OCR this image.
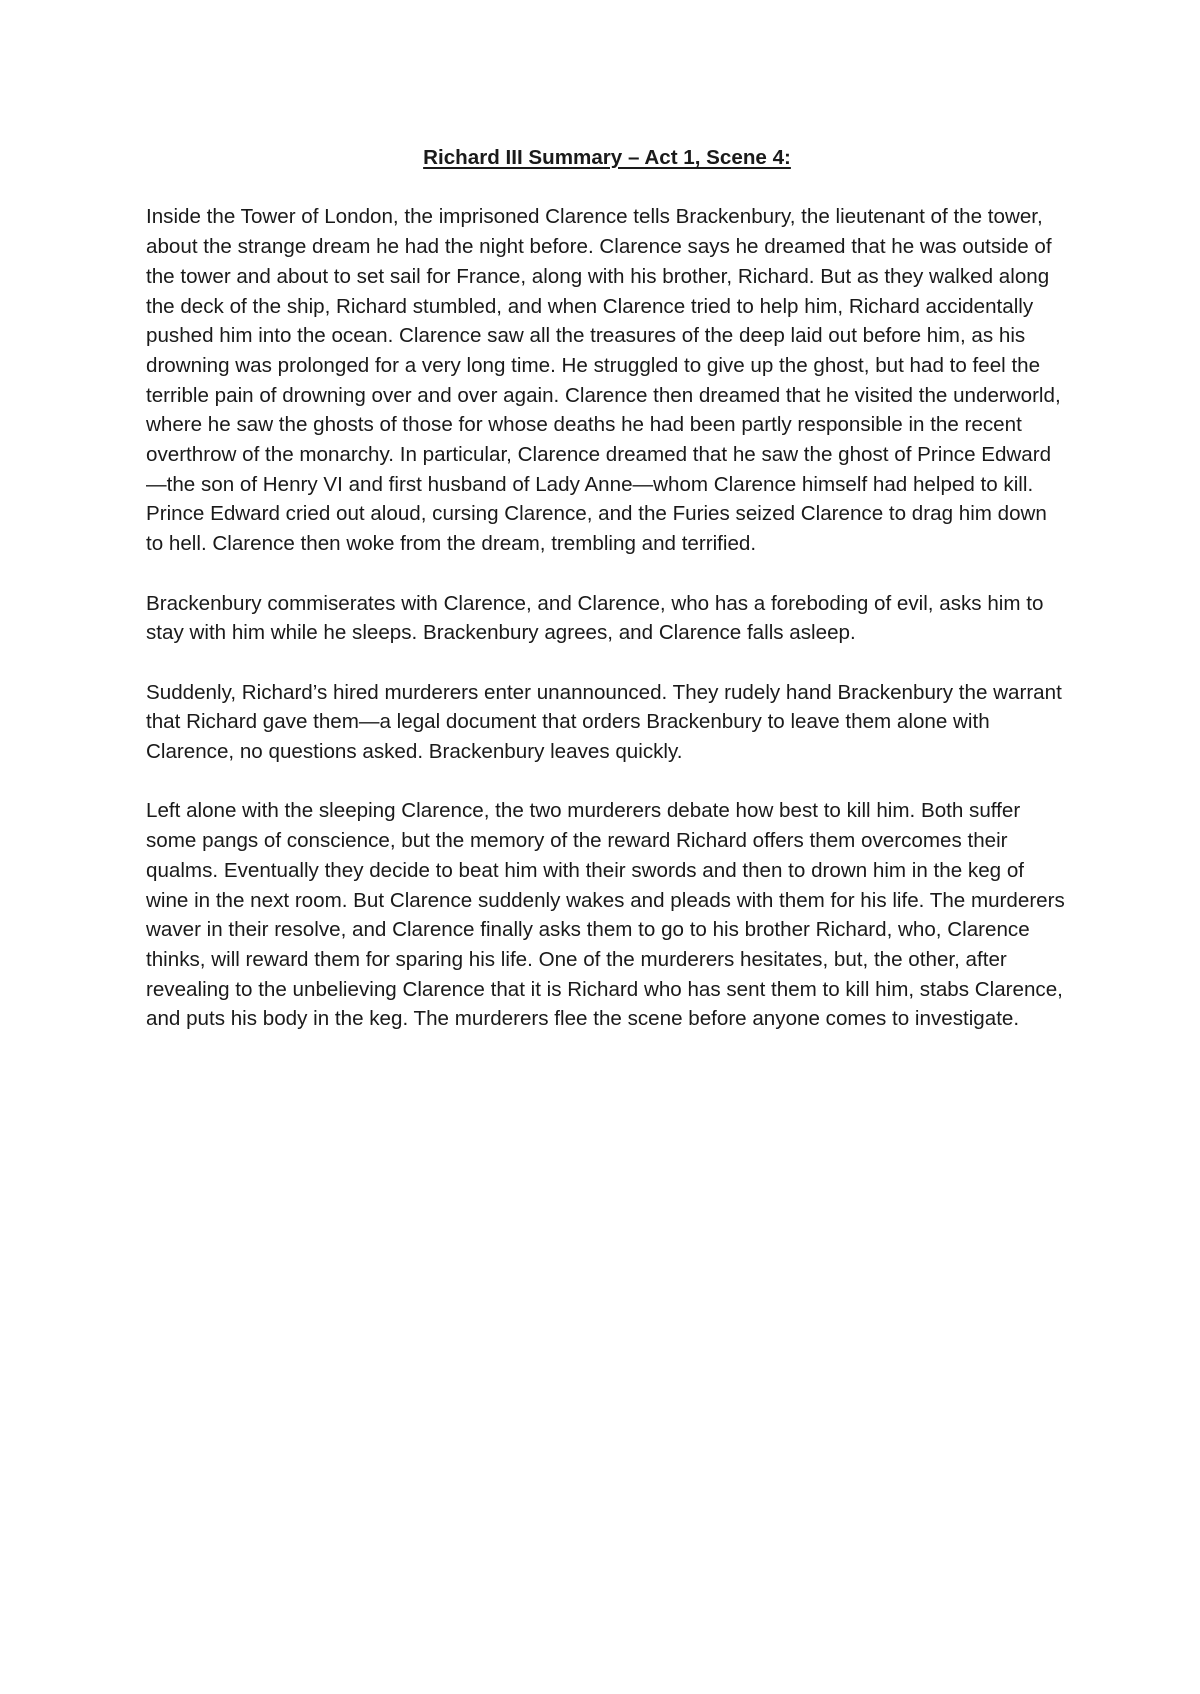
Richard III Summary – Act 1, Scene 4:

Inside the Tower of London, the imprisoned Clarence tells Brackenbury, the lieutenant of the tower, about the strange dream he had the night before. Clarence says he dreamed that he was outside of the tower and about to set sail for France, along with his brother, Richard. But as they walked along the deck of the ship, Richard stumbled, and when Clarence tried to help him, Richard accidentally pushed him into the ocean. Clarence saw all the treasures of the deep laid out before him, as his drowning was prolonged for a very long time. He struggled to give up the ghost, but had to feel the terrible pain of drowning over and over again. Clarence then dreamed that he visited the underworld, where he saw the ghosts of those for whose deaths he had been partly responsible in the recent overthrow of the monarchy. In particular, Clarence dreamed that he saw the ghost of Prince Edward—the son of Henry VI and first husband of Lady Anne—whom Clarence himself had helped to kill. Prince Edward cried out aloud, cursing Clarence, and the Furies seized Clarence to drag him down to hell. Clarence then woke from the dream, trembling and terrified.

Brackenbury commiserates with Clarence, and Clarence, who has a foreboding of evil, asks him to stay with him while he sleeps. Brackenbury agrees, and Clarence falls asleep.

Suddenly, Richard’s hired murderers enter unannounced. They rudely hand Brackenbury the warrant that Richard gave them—a legal document that orders Brackenbury to leave them alone with Clarence, no questions asked. Brackenbury leaves quickly.

Left alone with the sleeping Clarence, the two murderers debate how best to kill him. Both suffer some pangs of conscience, but the memory of the reward Richard offers them overcomes their qualms. Eventually they decide to beat him with their swords and then to drown him in the keg of wine in the next room. But Clarence suddenly wakes and pleads with them for his life. The murderers waver in their resolve, and Clarence finally asks them to go to his brother Richard, who, Clarence thinks, will reward them for sparing his life. One of the murderers hesitates, but, the other, after revealing to the unbelieving Clarence that it is Richard who has sent them to kill him, stabs Clarence, and puts his body in the keg. The murderers flee the scene before anyone comes to investigate.
